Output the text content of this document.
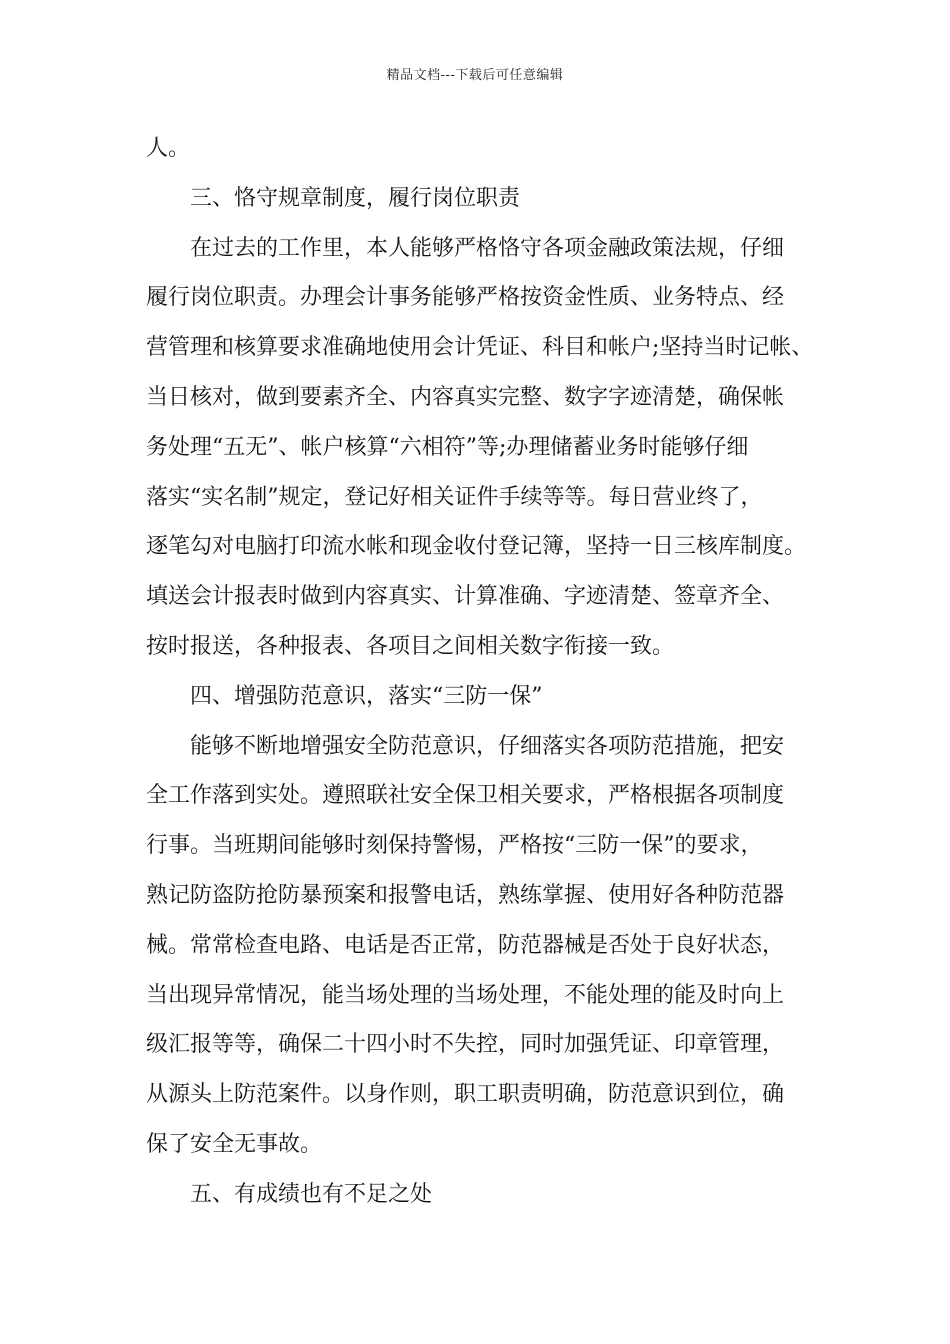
精品文档---下载后可任意编辑
人。
三、恪守规章制度，履行岗位职责
在过去的工作里，本人能够严格恪守各项金融政策法规，仔细
履行岗位职责。办理会计事务能够严格按资金性质、业务特点、经
营管理和核算要求准确地使用会计凭证、科目和帐户;坚持当时记帐、
当日核对，做到要素齐全、内容真实完整、数字字迹清楚，确保帐
务处理“五无”、帐户核算“六相符”等;办理储蓄业务时能够仔细
落实“实名制”规定，登记好相关证件手续等等。每日营业终了，
逐笔勾对电脑打印流水帐和现金收付登记簿，坚持一日三核库制度。
填送会计报表时做到内容真实、计算准确、字迹清楚、签章齐全、
按时报送，各种报表、各项目之间相关数字衔接一致。
四、增强防范意识，落实“三防一保”
能够不断地增强安全防范意识，仔细落实各项防范措施，把安
全工作落到实处。遵照联社安全保卫相关要求，严格根据各项制度
行事。当班期间能够时刻保持警惕，严格按“三防一保”的要求，
熟记防盗防抢防暴预案和报警电话，熟练掌握、使用好各种防范器
械。常常检查电路、电话是否正常，防范器械是否处于良好状态，
当出现异常情况，能当场处理的当场处理，不能处理的能及时向上
级汇报等等，确保二十四小时不失控，同时加强凭证、印章管理，
从源头上防范案件。以身作则，职工职责明确，防范意识到位，确
保了安全无事故。
五、有成绩也有不足之处
